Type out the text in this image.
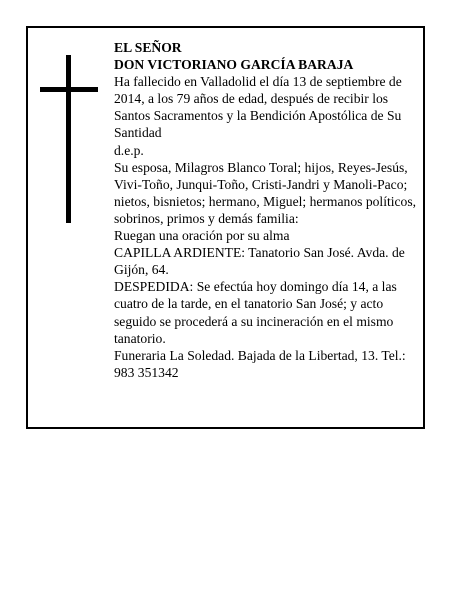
EL SEÑOR

DON VICTORIANO GARCÍA BARAJA

Ha fallecido en Valladolid el día 13 de septiembre de 2014, a los 79 años de edad, después de recibir los Santos Sacramentos y la Bendición Apostólica de Su Santidad

d.e.p.

Su esposa, Milagros Blanco Toral; hijos, Reyes-Jesús, Vivi-Toño, Junqui-Toño, Cristi-Jandri y Manoli-Paco; nietos, bisnietos; hermano, Miguel; hermanos políticos, sobrinos, primos y demás familia:

Ruegan una oración por su alma

CAPILLA ARDIENTE: Tanatorio San José. Avda. de Gijón, 64.

DESPEDIDA: Se efectúa hoy domingo día 14, a las cuatro de la tarde, en el tanatorio San José; y acto seguido se procederá a su incineración en el mismo tanatorio.

Funeraria La Soledad. Bajada de la Libertad, 13. Tel.: 983 351342
